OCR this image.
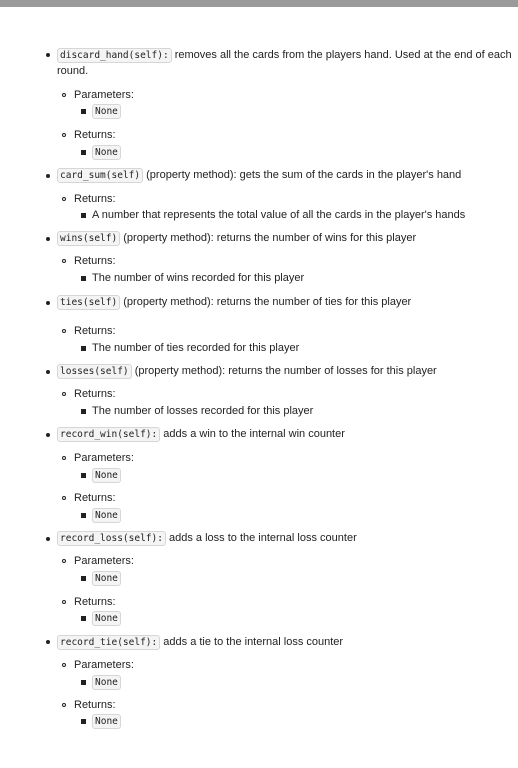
discard_hand(self): removes all the cards from the players hand. Used at the end of each
round.
Parameters:
None
Returns:
None
card_sum(self) (property method): gets the sum of the cards in the player's hand
Returns:
A number that represents the total value of all the cards in the player's hands
wins(self) (property method): returns the number of wins for this player
Returns:
The number of wins recorded for this player
ties(self) (property method): returns the number of ties for this player
Returns:
The number of ties recorded for this player
losses(self) (property method): returns the number of losses for this player
Returns:
The number of losses recorded for this player
record_win(self): adds a win to the internal win counter
Parameters:
None
Returns:
None
record_loss(self): adds a loss to the internal loss counter
Parameters:
None
Returns:
None
record_tie(self): adds a tie to the internal loss counter
Parameters:
None
Returns:
None
